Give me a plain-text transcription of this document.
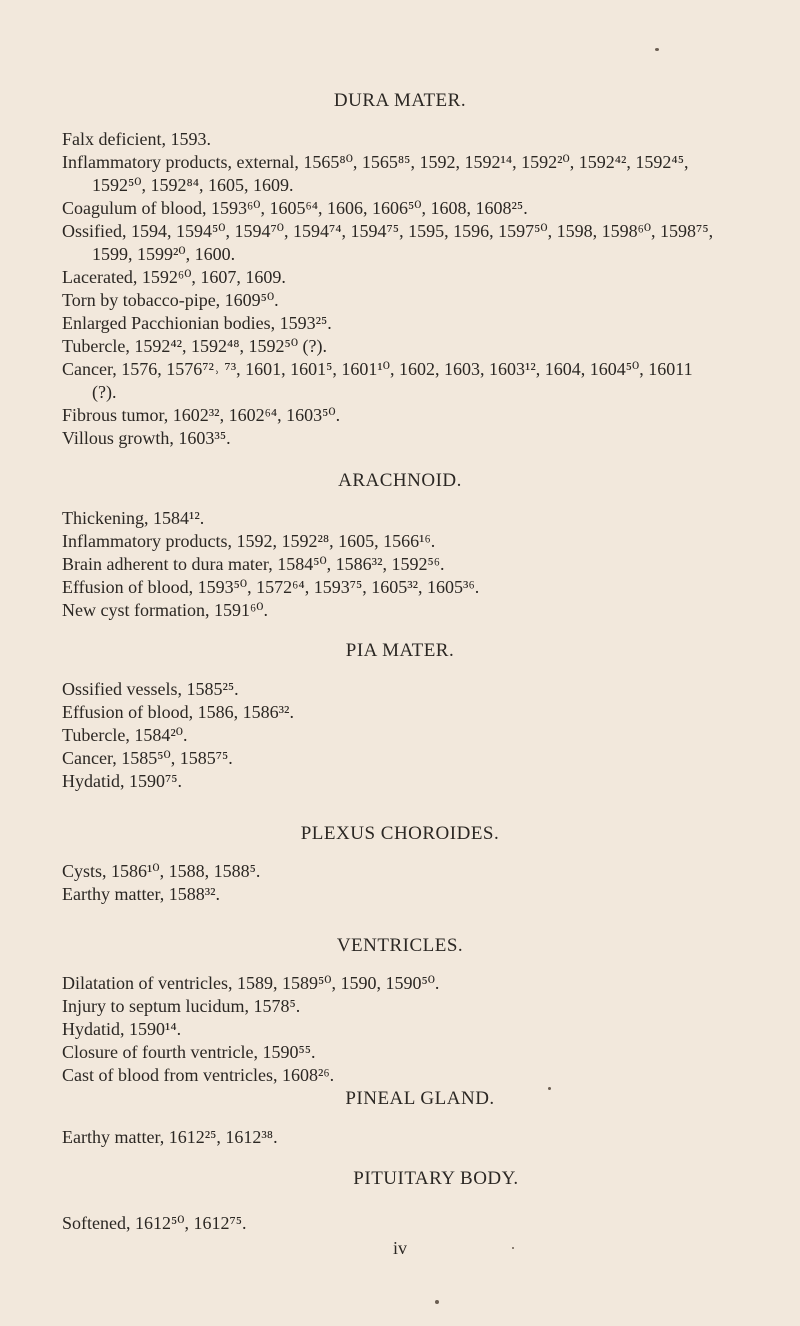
DURA MATER.

Falx deficient, 1593.

Inflammatory products, external, 1565⁸⁰, 1565⁸⁵, 1592, 1592¹⁴, 1592²⁰, 1592⁴², 1592⁴⁵, 1592⁵⁰, 1592⁸⁴, 1605, 1609.

Coagulum of blood, 1593⁶⁰, 1605⁶⁴, 1606, 1606⁵⁰, 1608, 1608²⁵.

Ossified, 1594, 1594⁵⁰, 1594⁷⁰, 1594⁷⁴, 1594⁷⁵, 1595, 1596, 1597⁵⁰, 1598, 1598⁶⁰, 1598⁷⁵, 1599, 1599²⁰, 1600.

Lacerated, 1592⁶⁰, 1607, 1609.

Torn by tobacco-pipe, 1609⁵⁰.

Enlarged Pacchionian bodies, 1593²⁵.

Tubercle, 1592⁴², 1592⁴⁸, 1592⁵⁰ (?).

Cancer, 1576, 1576⁷²˒ ⁷³, 1601, 1601⁵, 1601¹⁰, 1602, 1603, 1603¹², 1604, 1604⁵⁰, 16011 (?).

Fibrous tumor, 1602³², 1602⁶⁴, 1603⁵⁰.

Villous growth, 1603³⁵.

ARACHNOID.

Thickening, 1584¹².

Inflammatory products, 1592, 1592²⁸, 1605, 1566¹⁶.

Brain adherent to dura mater, 1584⁵⁰, 1586³², 1592⁵⁶.

Effusion of blood, 1593⁵⁰, 1572⁶⁴, 1593⁷⁵, 1605³², 1605³⁶.

New cyst formation, 1591⁶⁰.

PIA MATER.

Ossified vessels, 1585²⁵.

Effusion of blood, 1586, 1586³².

Tubercle, 1584²⁰.

Cancer, 1585⁵⁰, 1585⁷⁵.

Hydatid, 1590⁷⁵.

PLEXUS CHOROIDES.

Cysts, 1586¹⁰, 1588, 1588⁵.

Earthy matter, 1588³².

VENTRICLES.

Dilatation of ventricles, 1589, 1589⁵⁰, 1590, 1590⁵⁰.

Injury to septum lucidum, 1578⁵.

Hydatid, 1590¹⁴.

Closure of fourth ventricle, 1590⁵⁵.

Cast of blood from ventricles, 1608²⁶.

PINEAL GLAND.

Earthy matter, 1612²⁵, 1612³⁸.

PITUITARY BODY.

Softened, 1612⁵⁰, 1612⁷⁵.

iv
